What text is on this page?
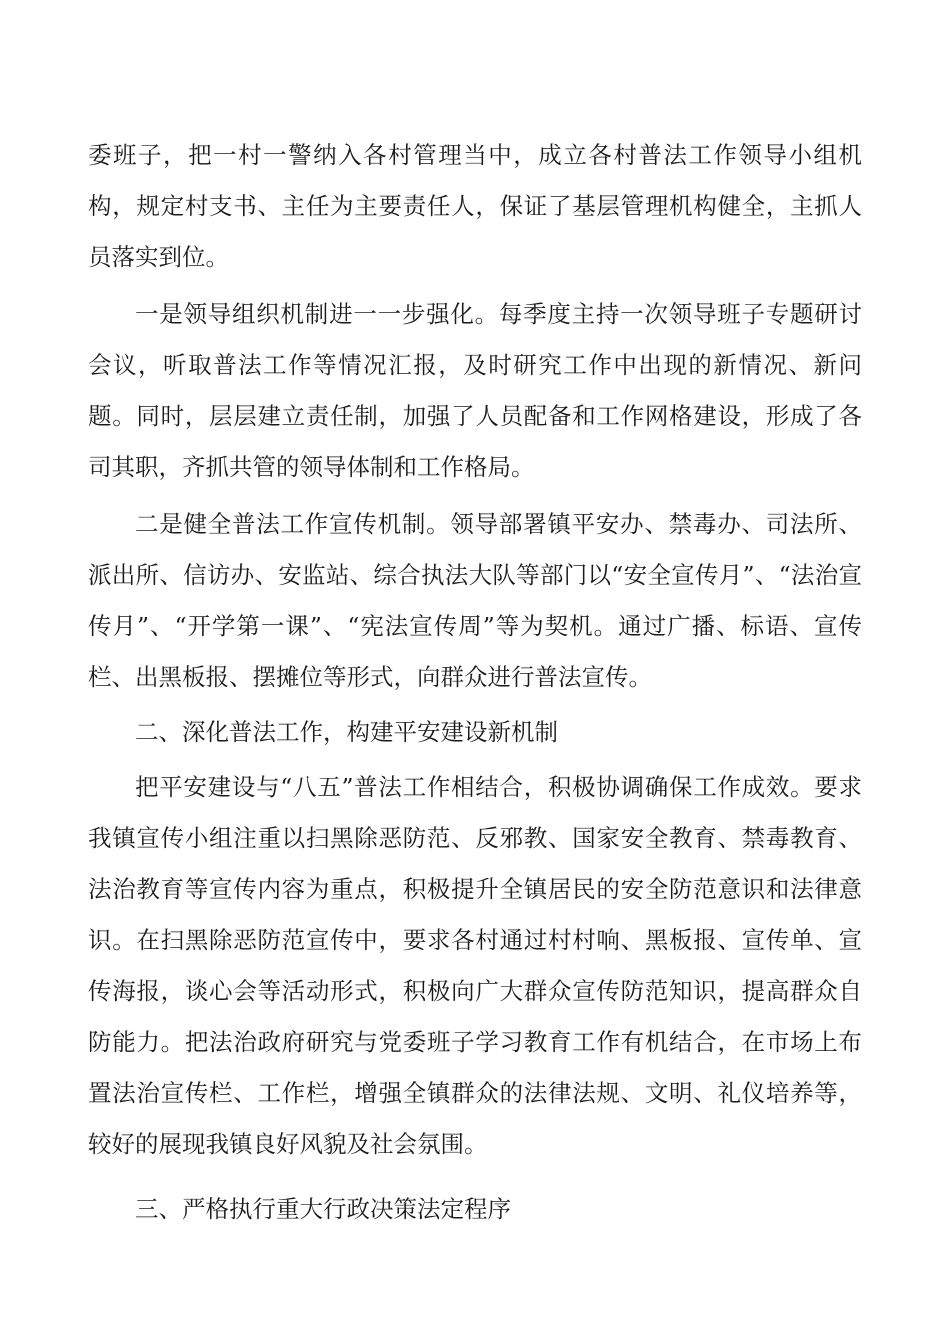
委班子，把一村一警纳入各村管理当中，成立各村普法工作领导小组机构，规定村支书、主任为主要责任人，保证了基层管理机构健全，主抓人员落实到位。

一是领导组织机制进一一步强化。每季度主持一次领导班子专题研讨会议，听取普法工作等情况汇报，及时研究工作中出现的新情况、新问题。同时，层层建立责任制，加强了人员配备和工作网格建设，形成了各司其职，齐抓共管的领导体制和工作格局。

二是健全普法工作宣传机制。领导部署镇平安办、禁毒办、司法所、派出所、信访办、安监站、综合执法大队等部门以“安全宣传月”、“法治宣传月”、“开学第一课”、“宪法宣传周”等为契机。通过广播、标语、宣传栏、出黑板报、摆摊位等形式，向群众进行普法宣传。

二、深化普法工作，构建平安建设新机制

把平安建设与“八五”普法工作相结合，积极协调确保工作成效。要求我镇宣传小组注重以扫黑除恶防范、反邪教、国家安全教育、禁毒教育、法治教育等宣传内容为重点，积极提升全镇居民的安全防范意识和法律意识。在扫黑除恶防范宣传中，要求各村通过村村响、黑板报、宣传单、宣传海报，谈心会等活动形式，积极向广大群众宣传防范知识，提高群众自防能力。把法治政府研究与党委班子学习教育工作有机结合，在市场上布置法治宣传栏、工作栏，增强全镇群众的法律法规、文明、礼仪培养等，较好的展现我镇良好风貌及社会氛围。

三、严格执行重大行政决策法定程序
